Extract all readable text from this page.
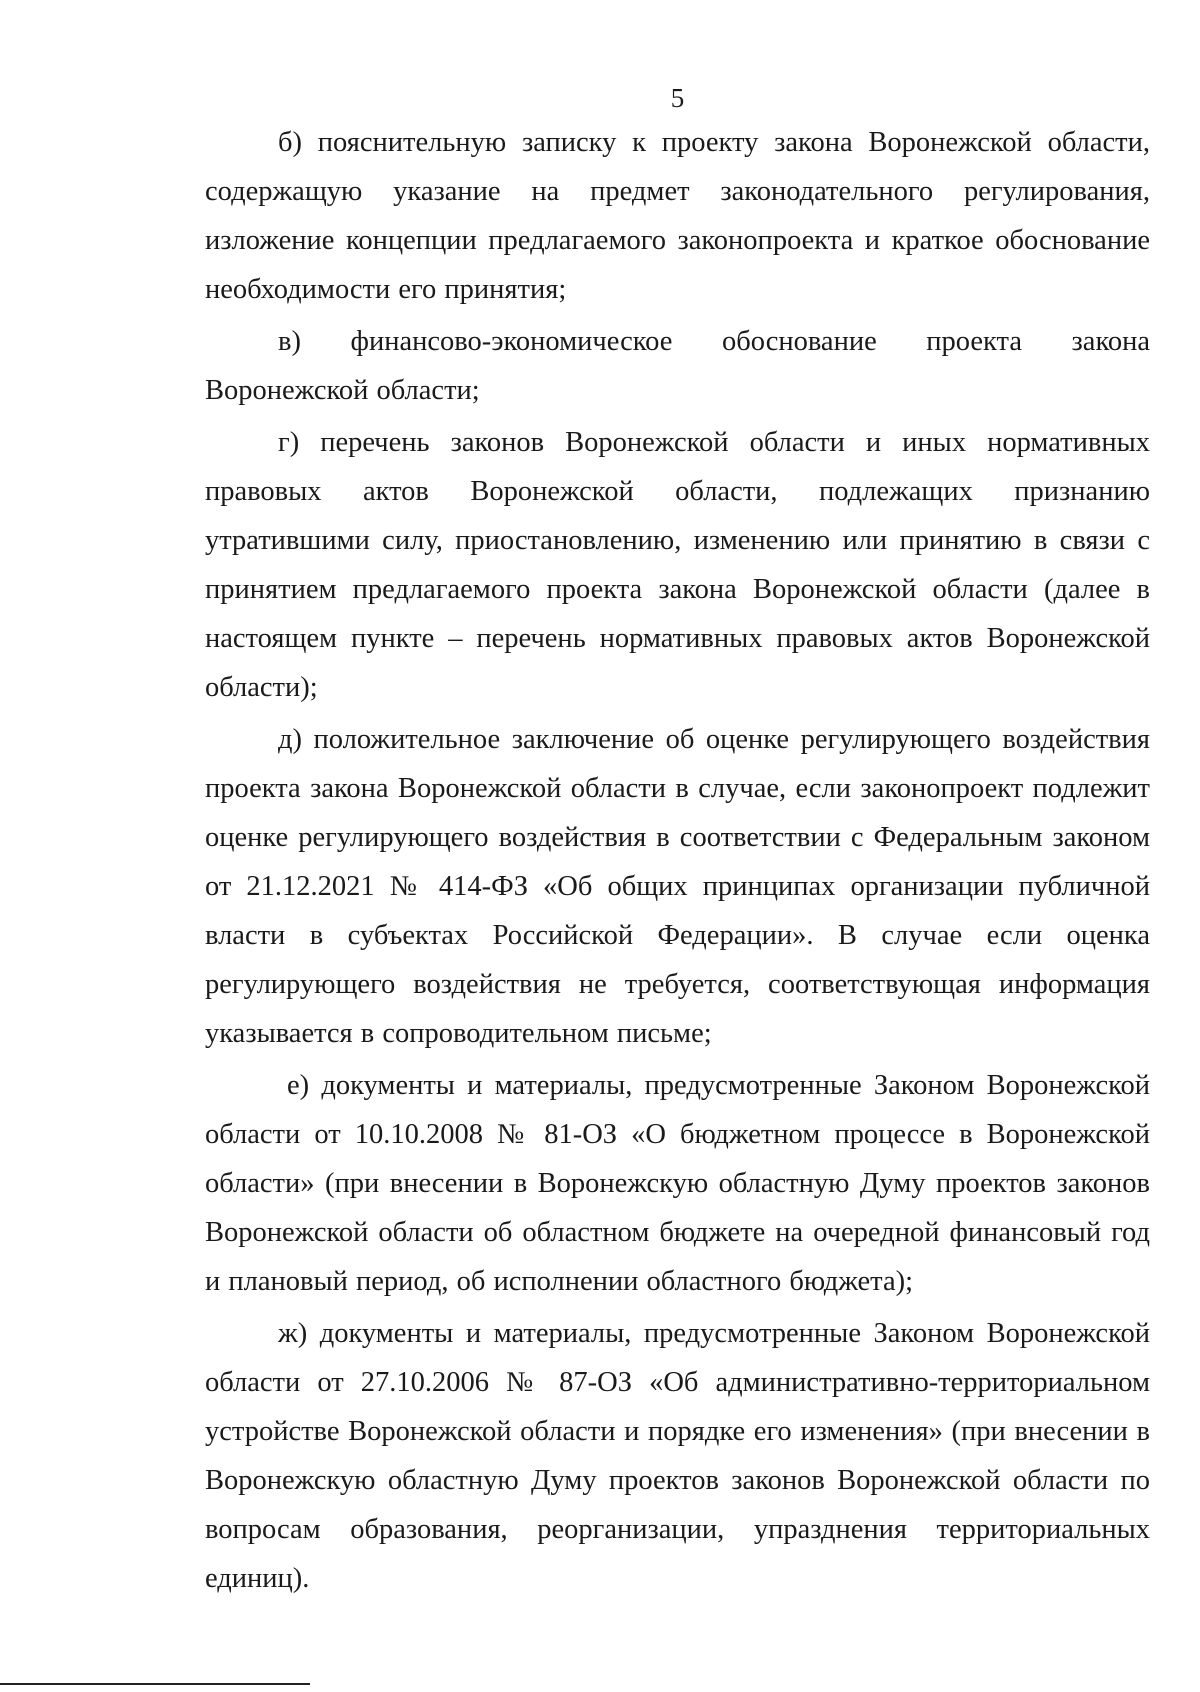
5

б) пояснительную записку к проекту закона Воронежской области, содержащую указание на предмет законодательного регулирования, изложение концепции предлагаемого законопроекта и краткое обоснование необходимости его принятия;

в) финансово-экономическое обоснование проекта закона Воронежской области;

г) перечень законов Воронежской области и иных нормативных правовых актов Воронежской области, подлежащих признанию утратившими силу, приостановлению, изменению или принятию в связи с принятием предлагаемого проекта закона Воронежской области (далее в настоящем пункте – перечень нормативных правовых актов Воронежской области);

д) положительное заключение об оценке регулирующего воздействия проекта закона Воронежской области в случае, если законопроект подлежит оценке регулирующего воздействия в соответствии с Федеральным законом от 21.12.2021 № 414-ФЗ «Об общих принципах организации публичной власти в субъектах Российской Федерации». В случае если оценка регулирующего воздействия не требуется, соответствующая информация указывается в сопроводительном письме;

е) документы и материалы, предусмотренные Законом Воронежской области от 10.10.2008 № 81-ОЗ «О бюджетном процессе в Воронежской области» (при внесении в Воронежскую областную Думу проектов законов Воронежской области об областном бюджете на очередной финансовый год и плановый период, об исполнении областного бюджета);

ж) документы и материалы, предусмотренные Законом Воронежской области от 27.10.2006 № 87-ОЗ «Об административно-территориальном устройстве Воронежской области и порядке его изменения» (при внесении в Воронежскую областную Думу проектов законов Воронежской области по вопросам образования, реорганизации, упразднения территориальных единиц).
